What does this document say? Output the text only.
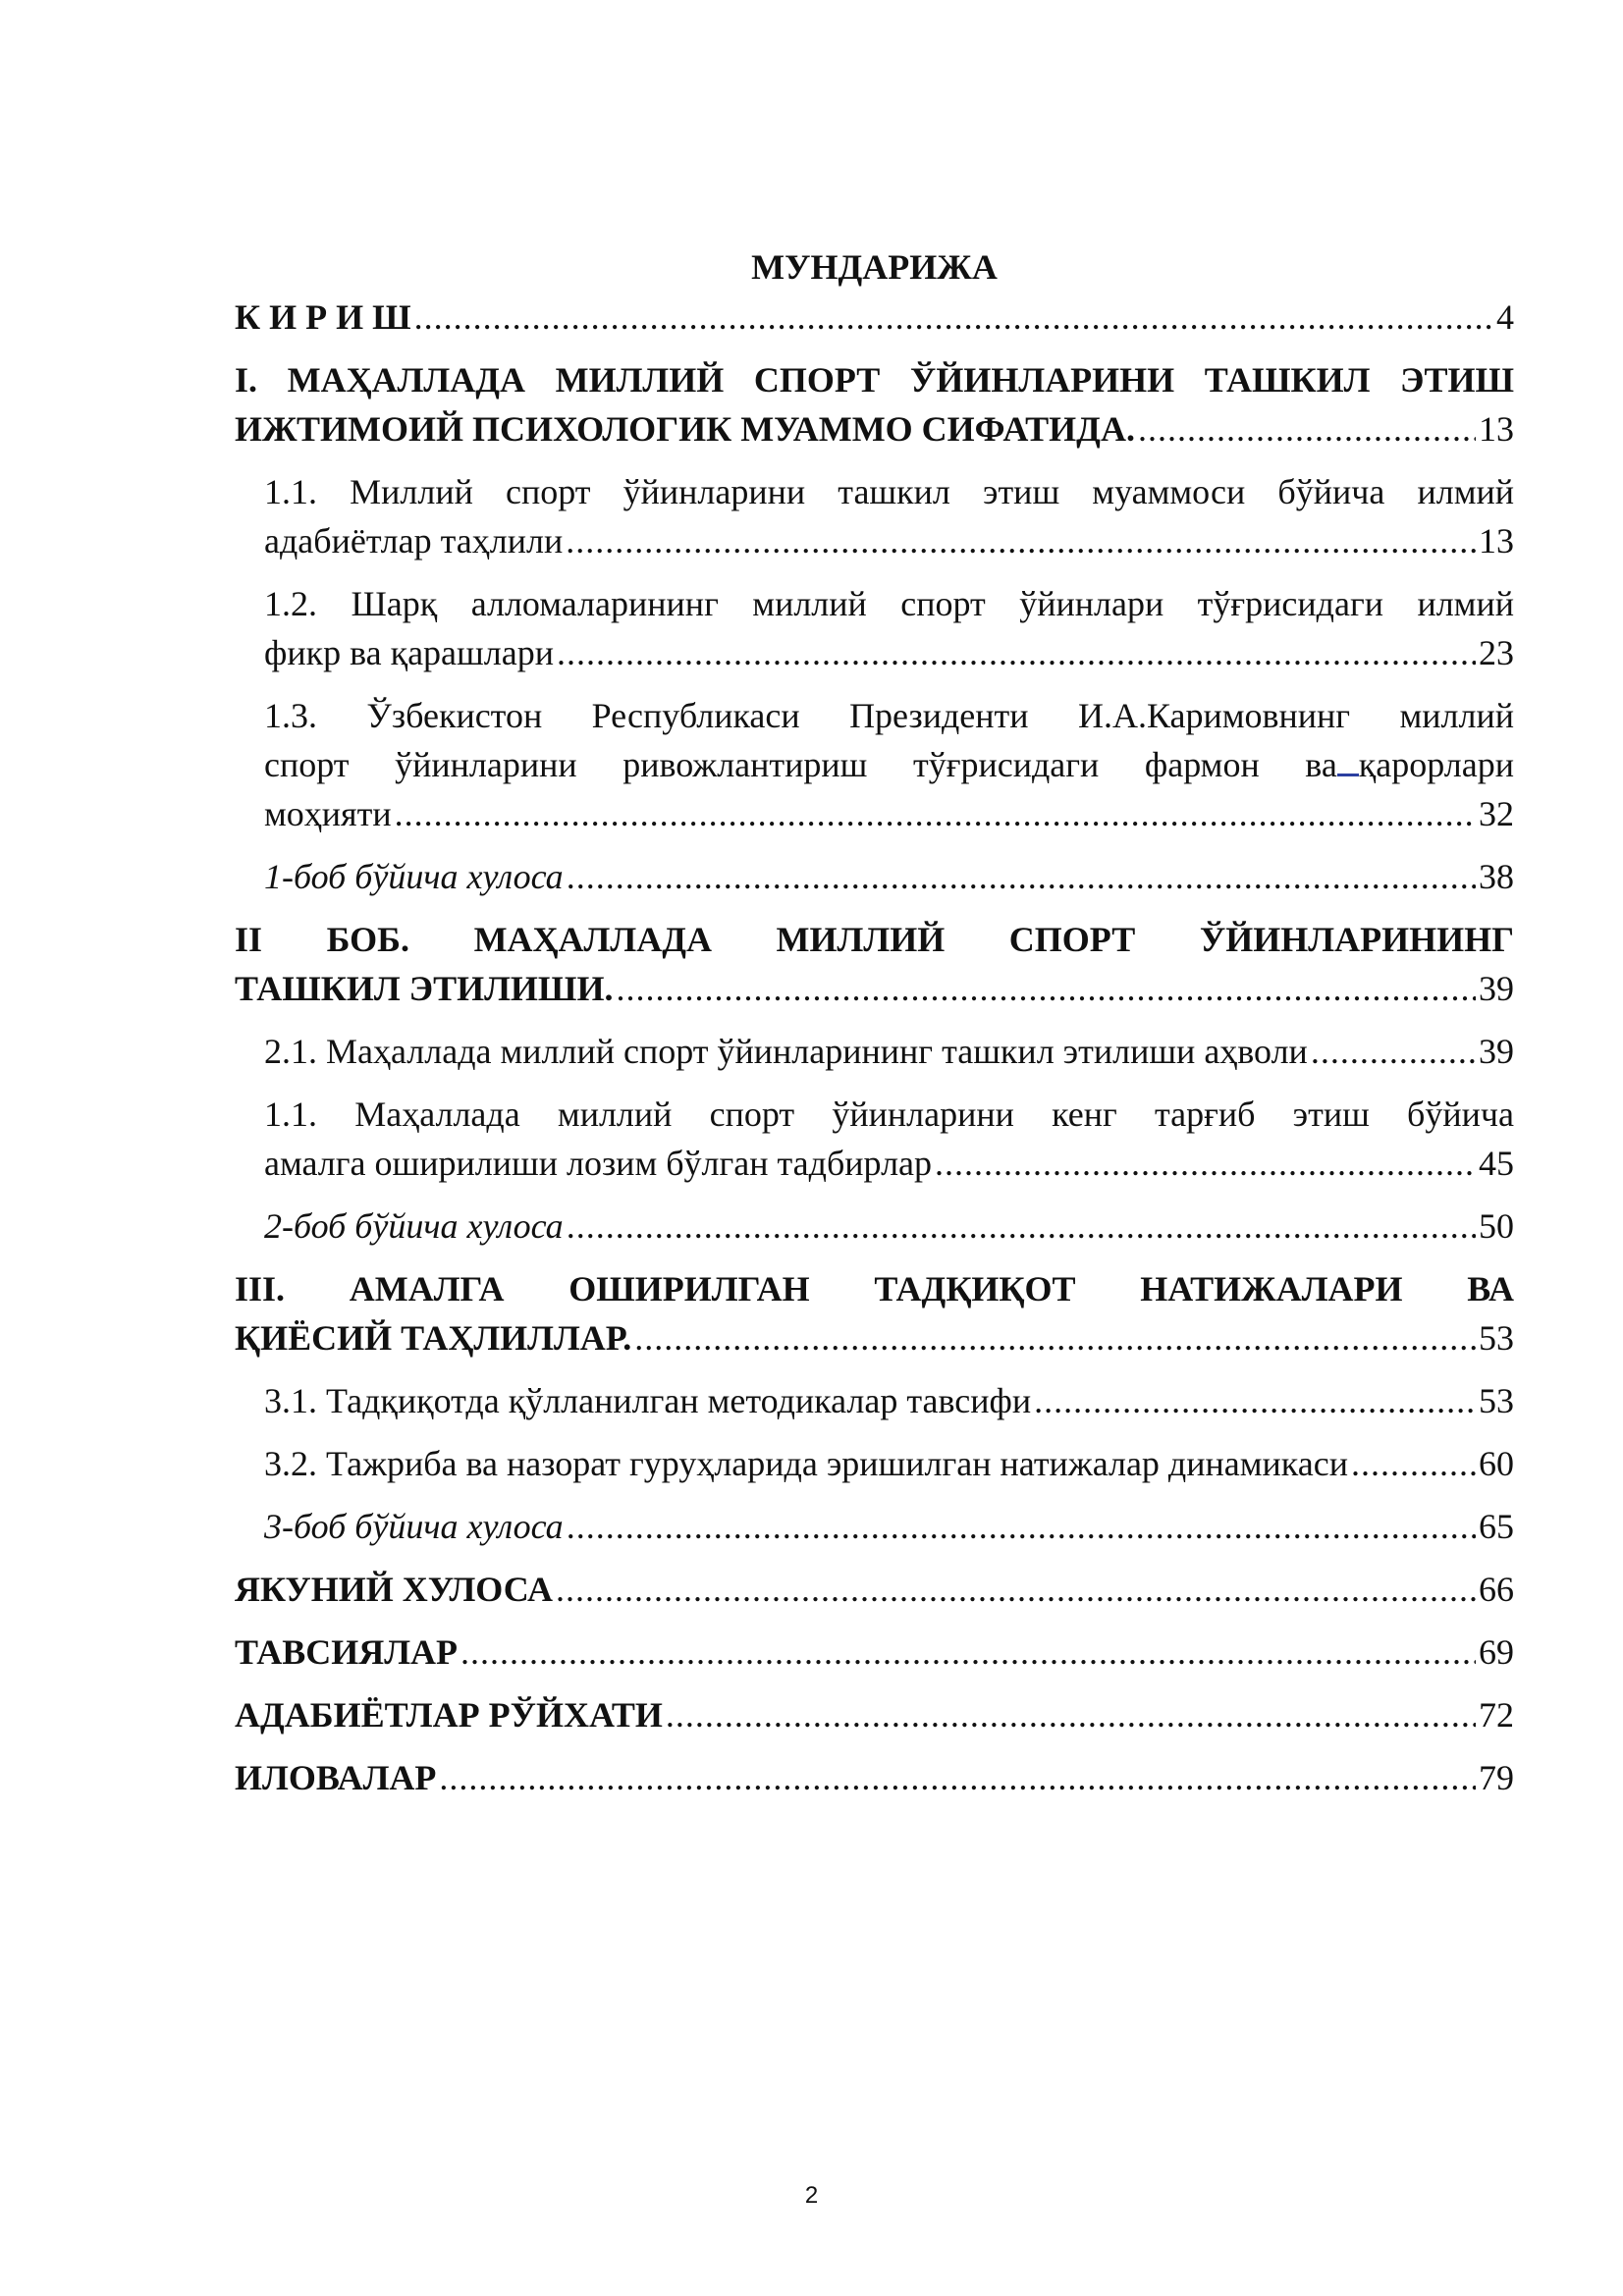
МУНДАРИЖА
К И Р И Ш .....	4
I. МАҲАЛЛАДА МИЛЛИЙ СПОРТ ЎЙИНЛАРИНИ ТАШКИЛ ЭТИШ
ИЖТИМОИЙ ПСИХОЛОГИК МУАММО СИФАТИДА. .....	13
1.1. Миллий спорт ўйинларини ташкил этиш муаммоси бўйича илмий
адабиётлар таҳлили .....	13
1.2. Шарқ алломаларининг миллий спорт ўйинлари тўғрисидаги илмий
фикр ва қарашлари .....	23
1.3. Ўзбекистон Республикаси Президенти И.А.Каримовнинг миллий
спорт ўйинларини ривожлантириш тўғрисидаги фармон ва қарорлари
моҳияти .....	32
1-боб бўйича хулоса .....	38
II БОБ. МАҲАЛЛАДА МИЛЛИЙ СПОРТ ЎЙИНЛАРИНИНГ
ТАШКИЛ ЭТИЛИШИ. .....	39
2.1. Маҳаллада миллий спорт ўйинларининг ташкил этилиши аҳволи .....	39
1.1. Маҳаллада миллий спорт ўйинларини кенг тарғиб этиш бўйича
амалга оширилиши лозим бўлган тадбирлар .....	45
2-боб бўйича хулоса .....	50
III. АМАЛГА ОШИРИЛГАН ТАДҚИҚОТ НАТИЖАЛАРИ ВА
ҚИЁСИЙ ТАҲЛИЛЛАР. .....	53
3.1. Тадқиқотда қўлланилган методикалар тавсифи .....	53
3.2. Тажриба ва назорат гуруҳларида эришилган натижалар динамикаси .....	60
3-боб бўйича хулоса .....	65
ЯКУНИЙ ХУЛОСА .....	66
ТАВСИЯЛАР .....	69
АДАБИЁТЛАР РЎЙХАТИ .....	72
ИЛОВАЛАР .....	79
2
